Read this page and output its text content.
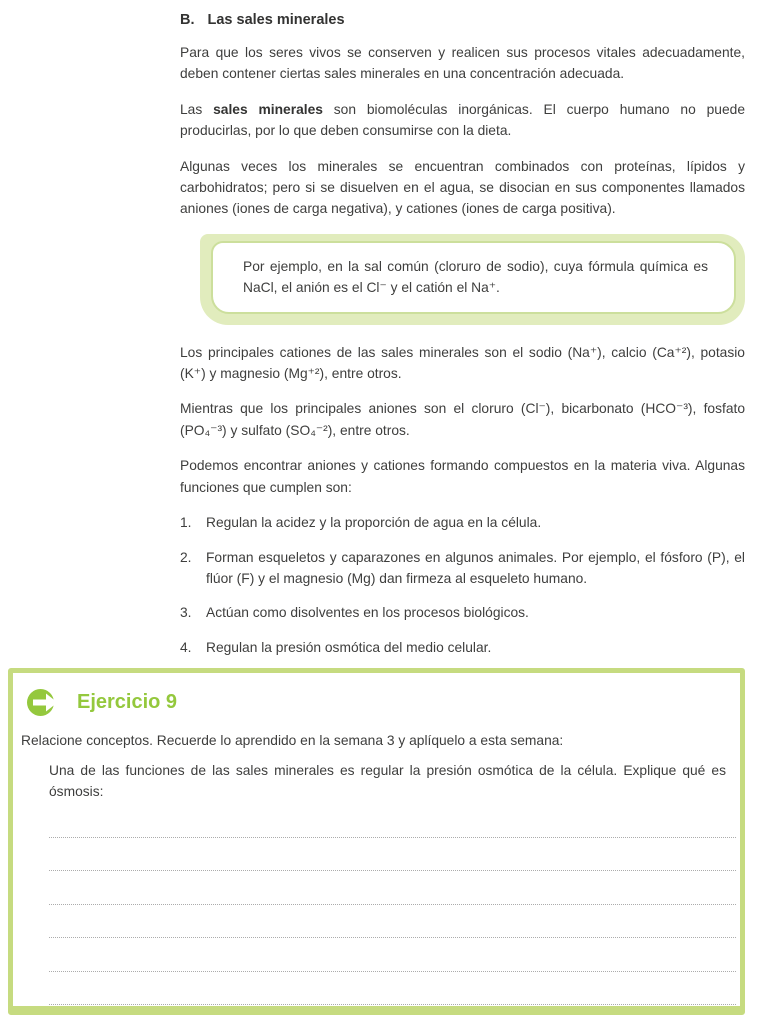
B. Las sales minerales

Para que los seres vivos se conserven y realicen sus procesos vitales adecuadamente, deben contener ciertas sales minerales en una concentración adecuada.

Las sales minerales son biomoléculas inorgánicas. El cuerpo humano no puede producirlas, por lo que deben consumirse con la dieta.

Algunas veces los minerales se encuentran combinados con proteínas, lípidos y carbohidratos; pero si se disuelven en el agua, se disocian en sus componentes llamados aniones (iones de carga negativa), y cationes (iones de carga positiva).

Por ejemplo, en la sal común (cloruro de sodio), cuya fórmula química es NaCl, el anión es el Cl⁻ y el catión el Na⁺.

Los principales cationes de las sales minerales son el sodio (Na⁺), calcio (Ca⁺²), potasio (K⁺) y magnesio (Mg⁺²), entre otros.

Mientras que los principales aniones son el cloruro (Cl⁻), bicarbonato (HCO⁻³), fosfato (PO₄⁻³) y sulfato (SO₄⁻²), entre otros.

Podemos encontrar aniones y cationes formando compuestos en la materia viva. Algunas funciones que cumplen son:

1.	Regulan la acidez y la proporción de agua en la célula.
2.	Forman esqueletos y caparazones en algunos animales. Por ejemplo, el fósforo (P), el flúor (F) y el magnesio (Mg) dan firmeza al esqueleto humano.
3.	Actúan como disolventes en los procesos biológicos.
4.	Regulan la presión osmótica del medio celular.
Ejercicio 9
Relacione conceptos. Recuerde lo aprendido en la semana 3 y aplíquelo a esta semana:
Una de las funciones de las sales minerales es regular la presión osmótica de la célula. Explique qué es ósmosis:
